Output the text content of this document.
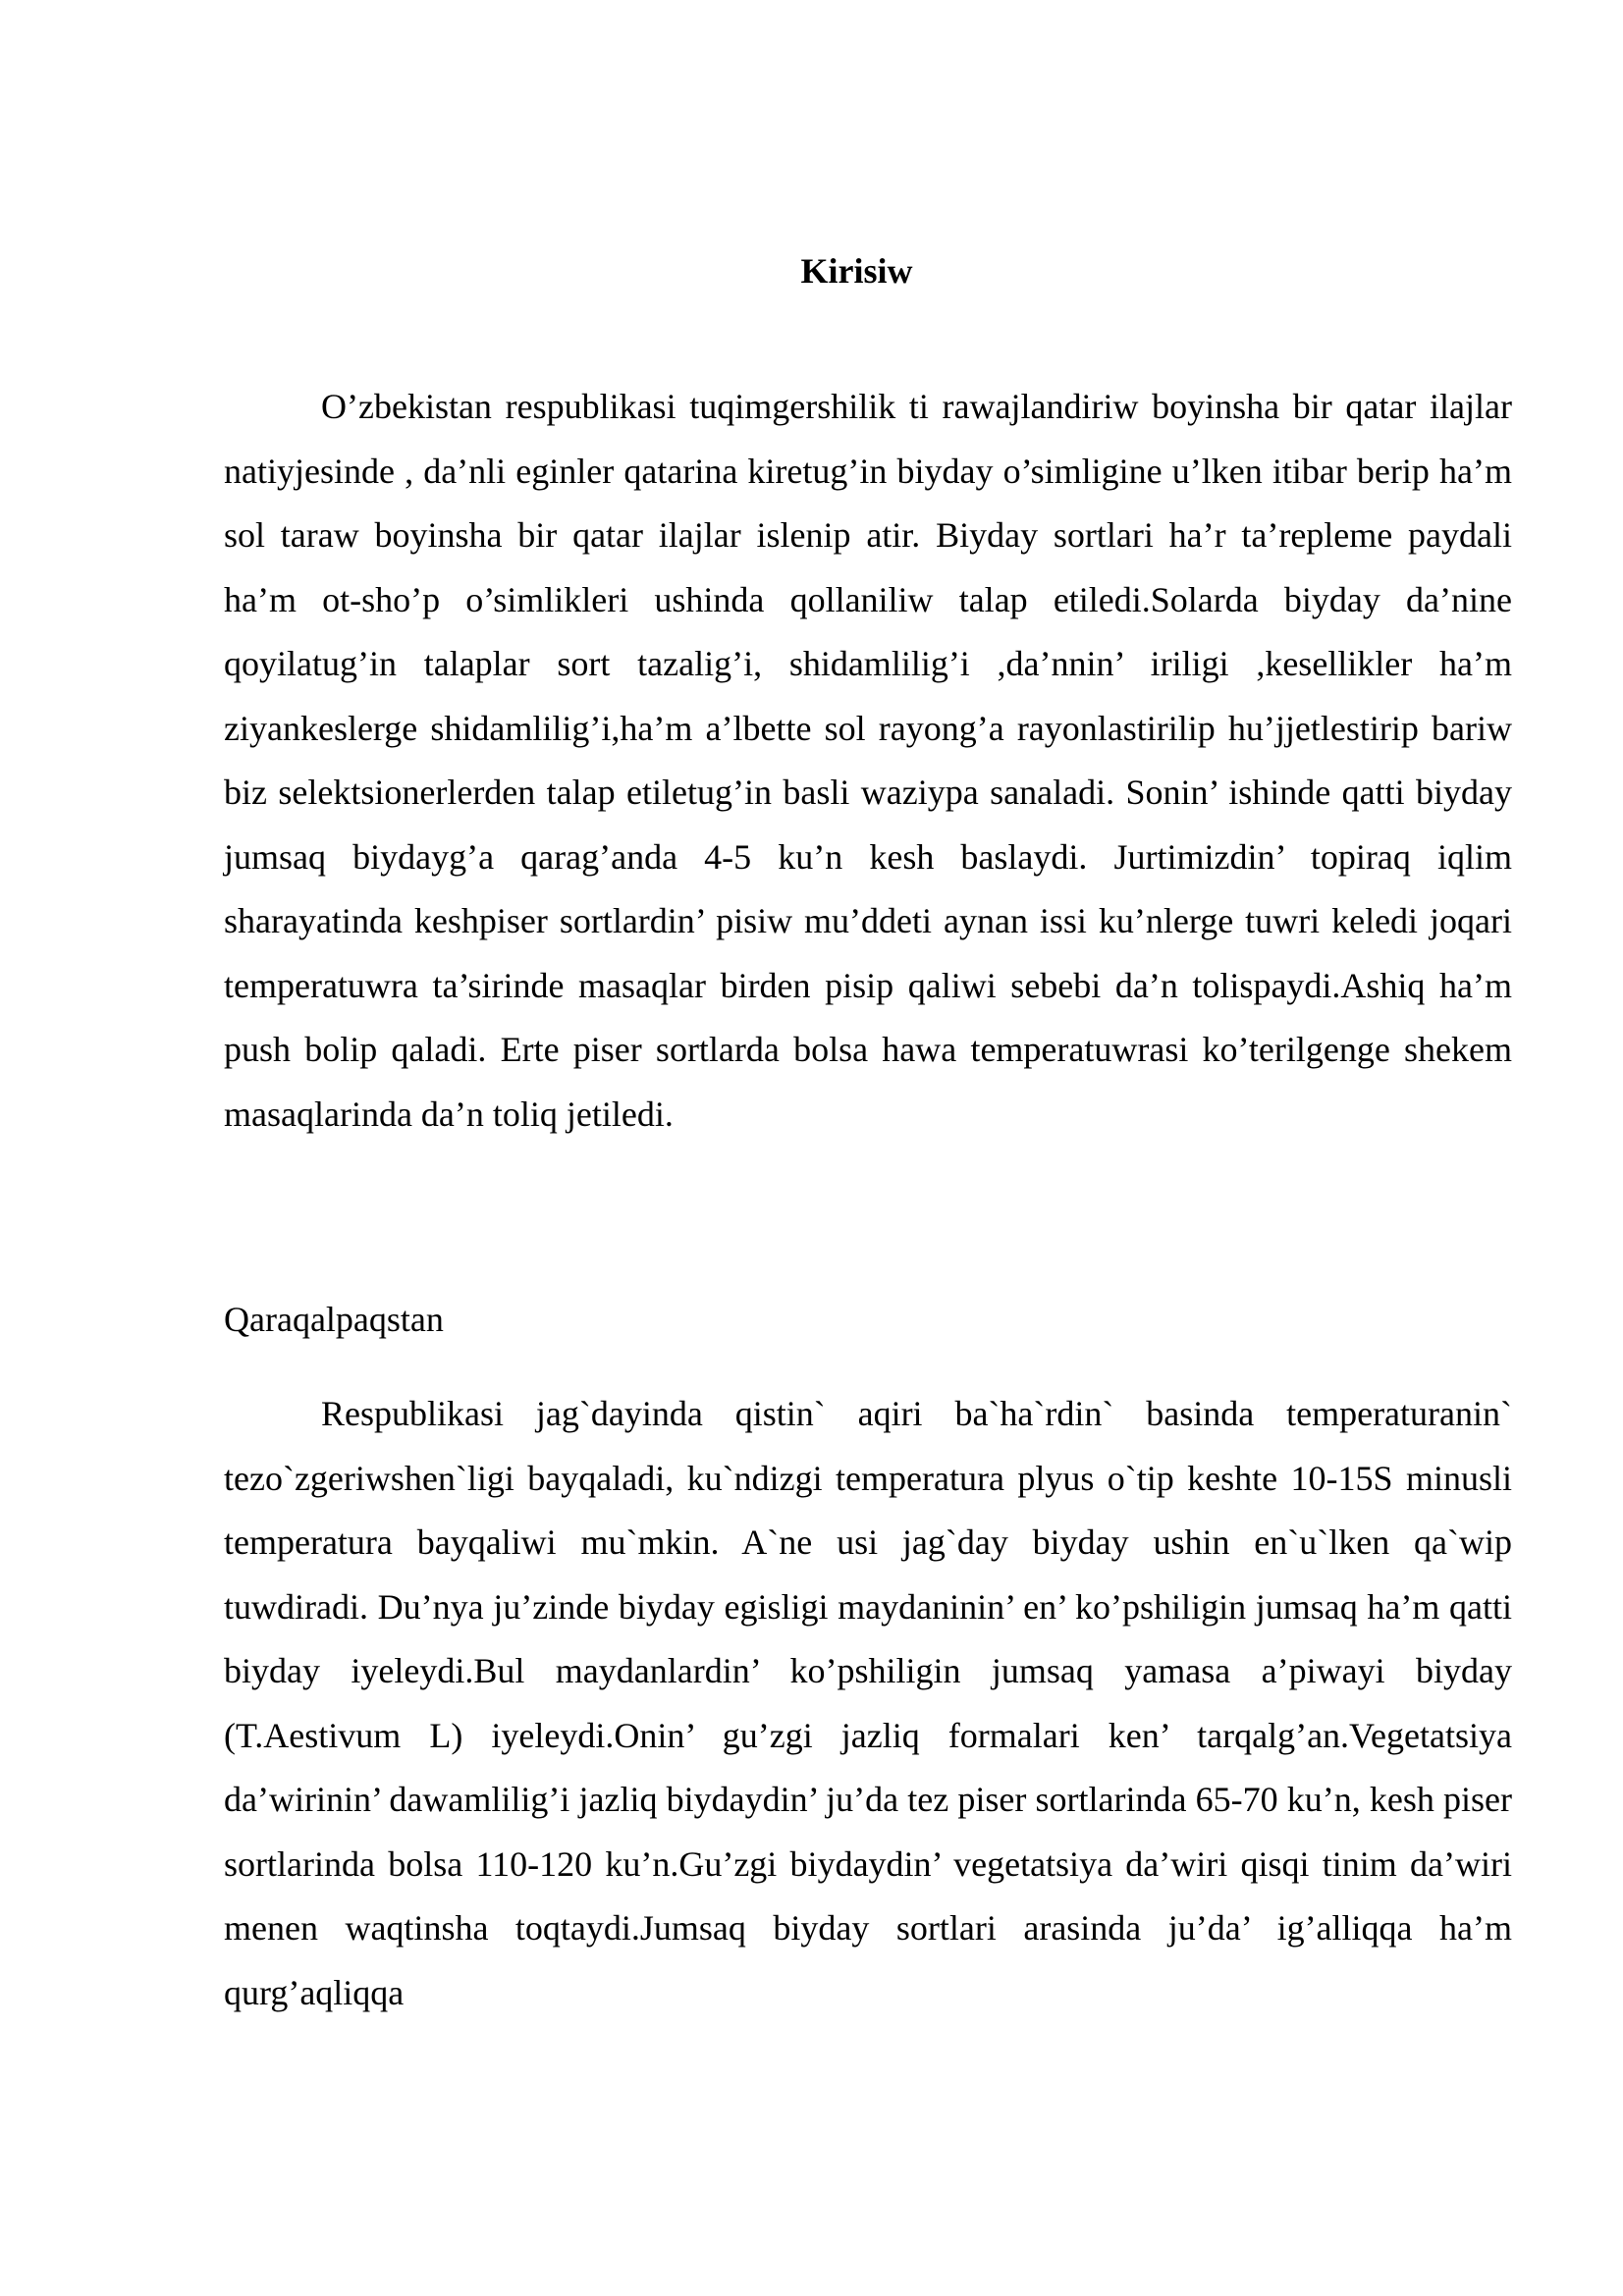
Kirisiw

O’zbekistan respublikasi tuqimgershilik ti rawajlandiriw boyinsha bir qatar ilajlar natiyjesinde , da’nli eginler qatarina kiretug’in biyday o’simligine u’lken itibar berip ha’m sol taraw boyinsha bir qatar ilajlar islenip atir. Biyday sortlari ha’r ta’repleme paydali ha’m ot-sho’p o’simlikleri ushinda qollaniliw talap etiledi.Solarda biyday da’nine qoyilatug’in talaplar sort tazalig’i, shidamlilig’i ,da’nnin’ iriligi ,kesellikler ha’m ziyankeslerge shidamlilig’i,ha’m a’lbette sol rayong’a rayonlastirilip hu’jjetlestirip bariw biz selektsionerlerden talap etiletug’in basli waziypa sanaladi. Sonin’ ishinde qatti biyday jumsaq biydayg’a qarag’anda 4-5 ku’n kesh baslaydi. Jurtimizdin’ topiraq iqlim sharayatinda keshpiser sortlardin’ pisiw mu’ddeti aynan issi ku’nlerge tuwri keledi joqari temperatuwra ta’sirinde masaqlar birden pisip qaliwi sebebi da’n tolispaydi.Ashiq ha’m push bolip qaladi. Erte piser sortlarda bolsa hawa temperatuwrasi ko’terilgenge shekem masaqlarinda da’n toliq jetiledi.

Qaraqalpaqstan

Respublikasi jag`dayinda qistin` aqiri ba`ha`rdin` basinda temperaturanin` tezo`zgeriwshen`ligi bayqaladi, ku`ndizgi temperatura plyus o`tip keshte 10-15S minusli temperatura bayqaliwi mu`mkin. A`ne usi jag`day biyday ushin en`u`lken qa`wip tuwdiradi. Du’nya ju’zinde biyday egisligi maydaninin’ en’ ko’pshiligin jumsaq ha’m qatti biyday iyeleydi.Bul maydanlardin’ ko’pshiligin jumsaq yamasa a’piwayi biyday (T.Aestivum L) iyeleydi.Onin’ gu’zgi jazliq formalari ken’ tarqalg’an.Vegetatsiya da’wirinin’ dawamlilig’i jazliq biydaydin’ ju’da tez piser sortlarinda 65-70 ku’n, kesh piser sortlarinda bolsa 110-120 ku’n.Gu’zgi biydaydin’ vegetatsiya da’wiri qisqi tinim da’wiri menen waqtinsha toqtaydi.Jumsaq biyday sortlari arasinda ju’da’ ig’alliqqa ha’m qurg’aqliqqa
